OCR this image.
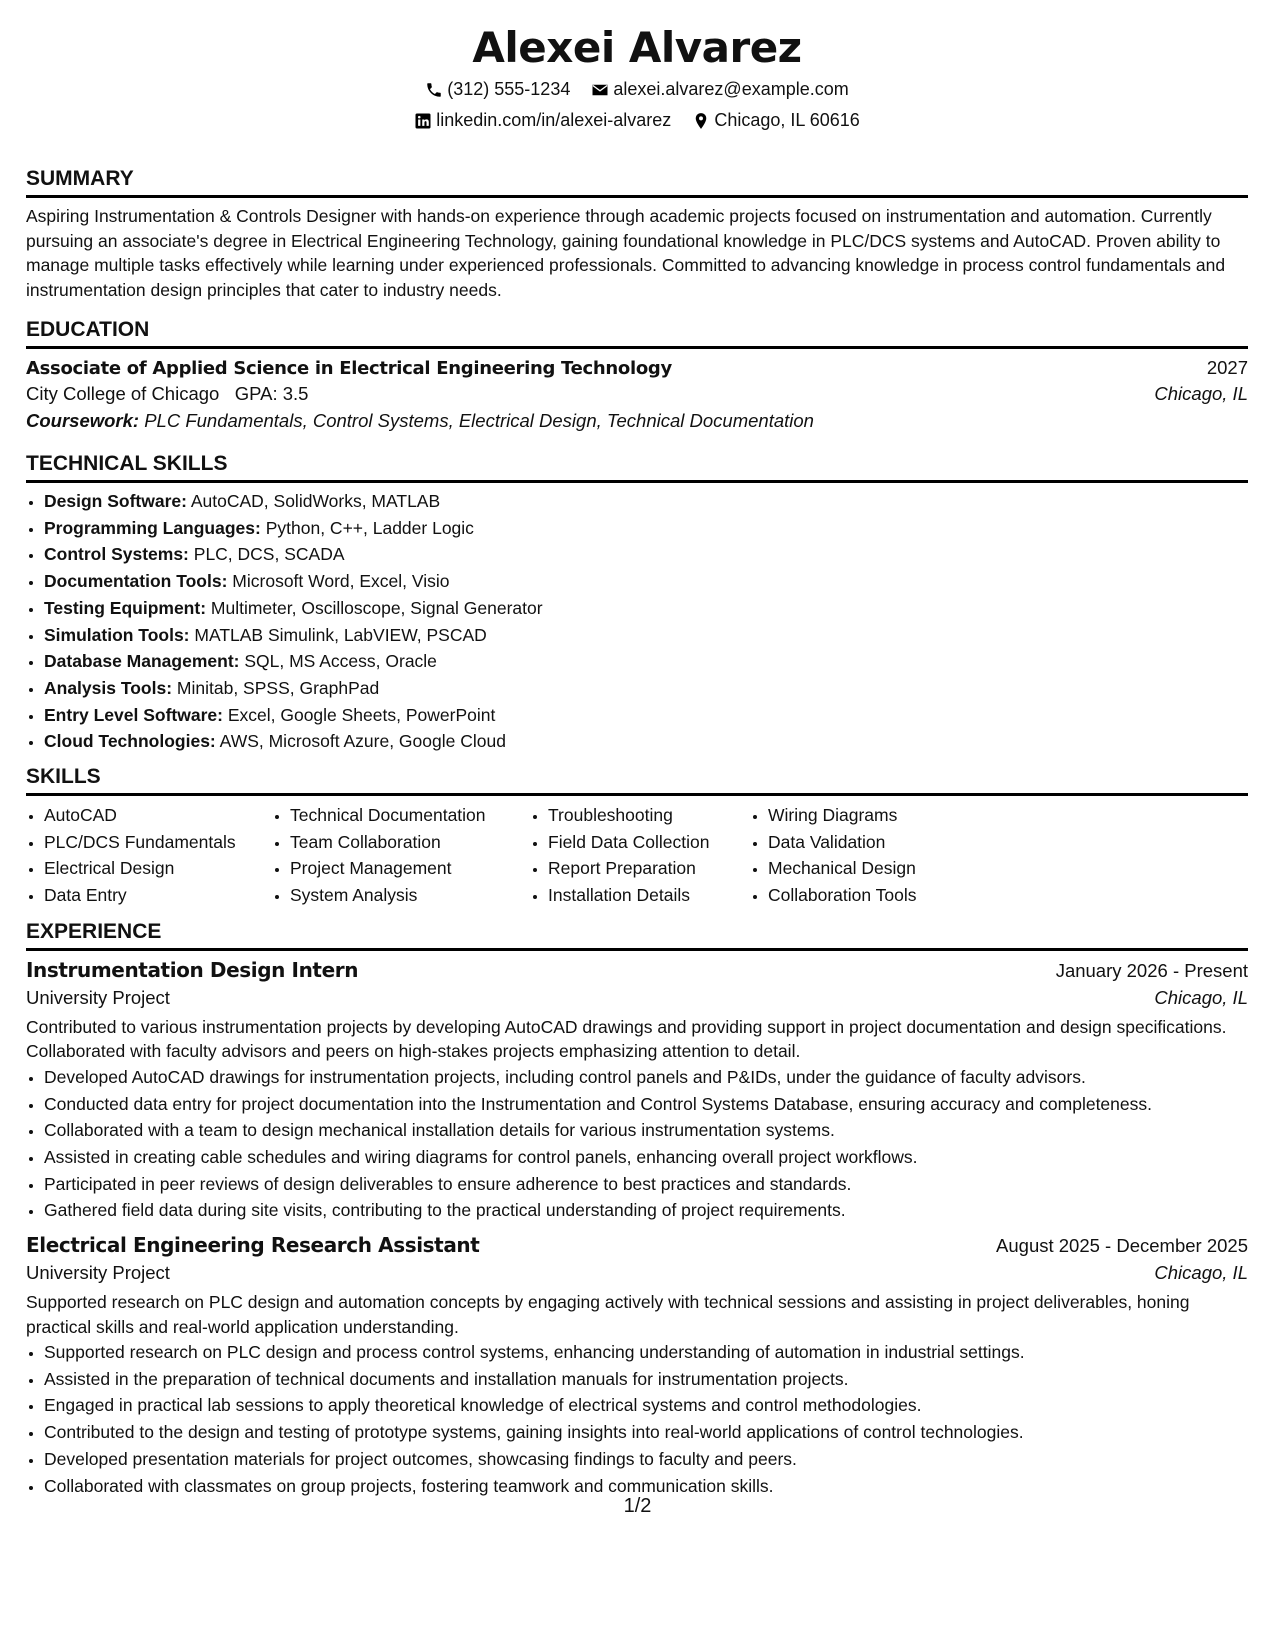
Alexei Alvarez
(312) 555-1234
alexei.alvarez@example.com
linkedin.com/in/alexei-alvarez
Chicago, IL 60616
SUMMARY
Aspiring Instrumentation & Controls Designer with hands-on experience through academic projects focused on instrumentation and automation. Currently pursuing an associate's degree in Electrical Engineering Technology, gaining foundational knowledge in PLC/DCS systems and AutoCAD. Proven ability to manage multiple tasks effectively while learning under experienced professionals. Committed to advancing knowledge in process control fundamentals and instrumentation design principles that cater to industry needs.
EDUCATION
Associate of Applied Science in Electrical Engineering Technology	2027
City College of Chicago GPA: 3.5	Chicago, IL
Coursework: PLC Fundamentals, Control Systems, Electrical Design, Technical Documentation
TECHNICAL SKILLS
• Design Software: AutoCAD, SolidWorks, MATLAB
• Programming Languages: Python, C++, Ladder Logic
• Control Systems: PLC, DCS, SCADA
• Documentation Tools: Microsoft Word, Excel, Visio
• Testing Equipment: Multimeter, Oscilloscope, Signal Generator
• Simulation Tools: MATLAB Simulink, LabVIEW, PSCAD
• Database Management: SQL, MS Access, Oracle
• Analysis Tools: Minitab, SPSS, GraphPad
• Entry Level Software: Excel, Google Sheets, PowerPoint
• Cloud Technologies: AWS, Microsoft Azure, Google Cloud
SKILLS
• AutoCAD
• PLC/DCS Fundamentals
• Electrical Design
• Data Entry
• Technical Documentation
• Team Collaboration
• Project Management
• System Analysis
• Troubleshooting
• Field Data Collection
• Report Preparation
• Installation Details
• Wiring Diagrams
• Data Validation
• Mechanical Design
• Collaboration Tools
EXPERIENCE
Instrumentation Design Intern	January 2026 - Present
University Project	Chicago, IL
Contributed to various instrumentation projects by developing AutoCAD drawings and providing support in project documentation and design specifications. Collaborated with faculty advisors and peers on high-stakes projects emphasizing attention to detail.
• Developed AutoCAD drawings for instrumentation projects, including control panels and P&IDs, under the guidance of faculty advisors.
• Conducted data entry for project documentation into the Instrumentation and Control Systems Database, ensuring accuracy and completeness.
• Collaborated with a team to design mechanical installation details for various instrumentation systems.
• Assisted in creating cable schedules and wiring diagrams for control panels, enhancing overall project workflows.
• Participated in peer reviews of design deliverables to ensure adherence to best practices and standards.
• Gathered field data during site visits, contributing to the practical understanding of project requirements.
Electrical Engineering Research Assistant	August 2025 - December 2025
University Project	Chicago, IL
Supported research on PLC design and automation concepts by engaging actively with technical sessions and assisting in project deliverables, honing practical skills and real-world application understanding.
• Supported research on PLC design and process control systems, enhancing understanding of automation in industrial settings.
• Assisted in the preparation of technical documents and installation manuals for instrumentation projects.
• Engaged in practical lab sessions to apply theoretical knowledge of electrical systems and control methodologies.
• Contributed to the design and testing of prototype systems, gaining insights into real-world applications of control technologies.
• Developed presentation materials for project outcomes, showcasing findings to faculty and peers.
• Collaborated with classmates on group projects, fostering teamwork and communication skills.
1/2
